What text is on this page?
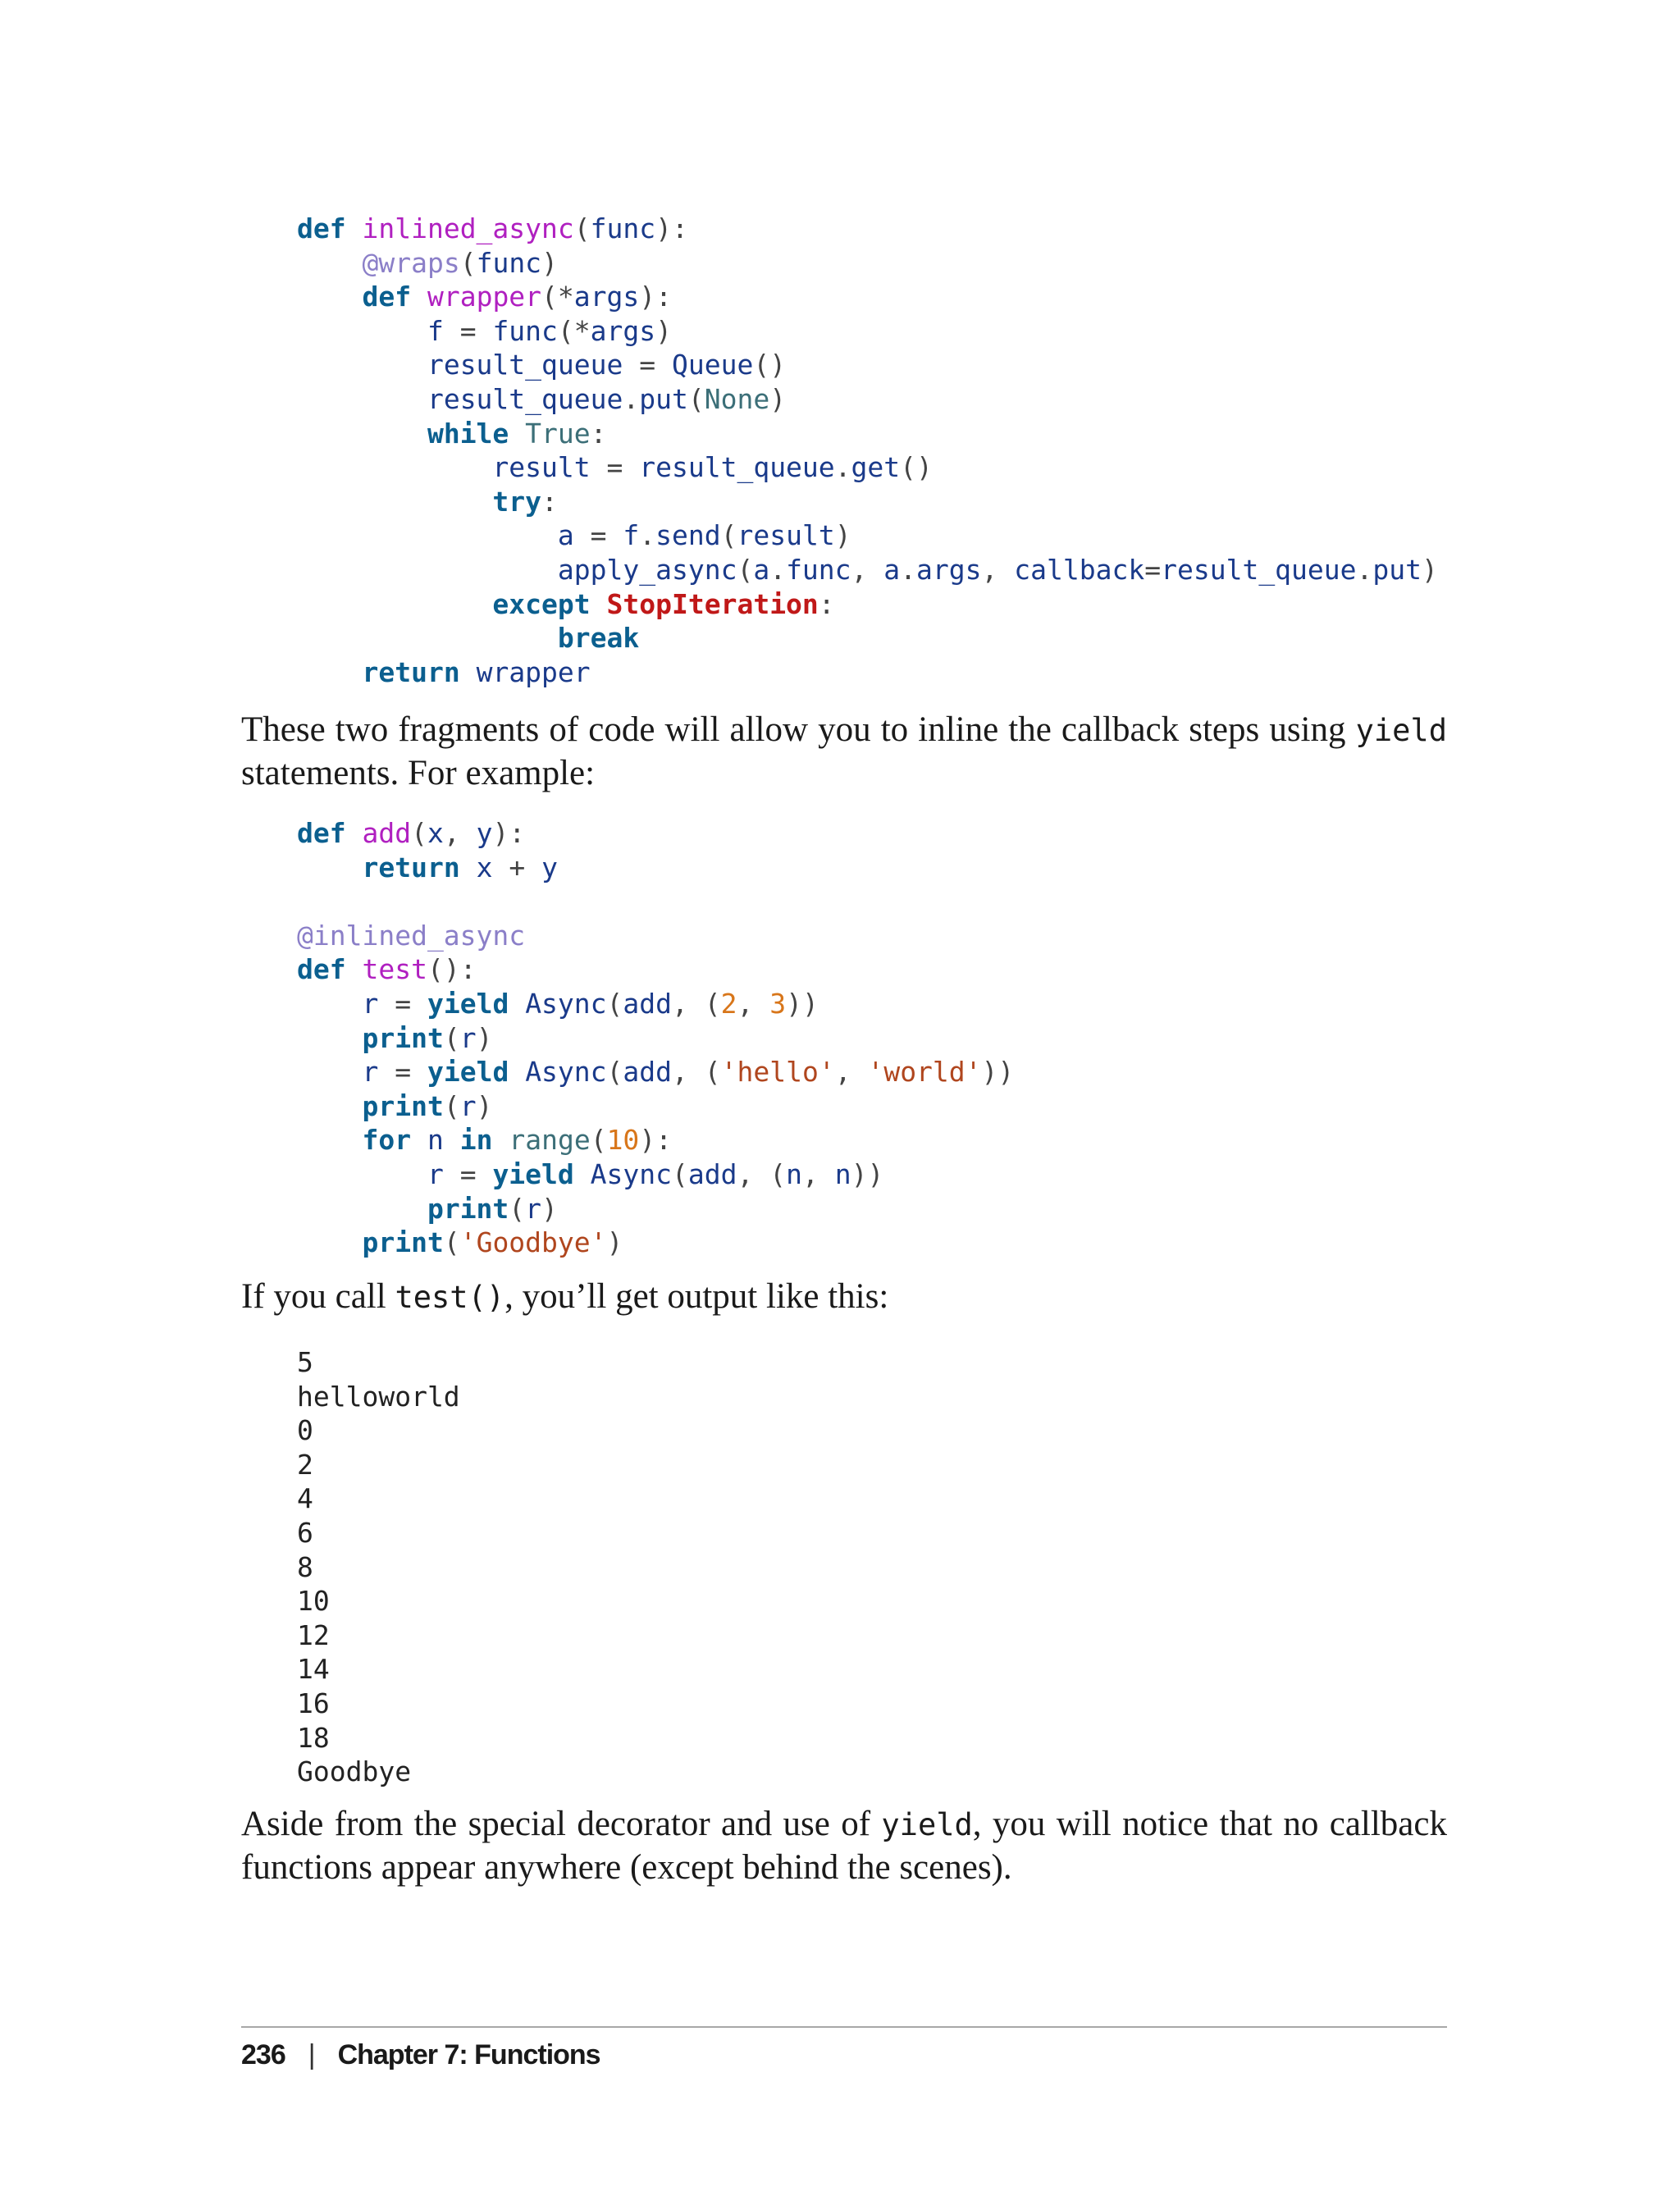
def inlined_async(func):
@wraps(func)
def wrapper(*args):
f = func(*args)
result_queue = Queue()
result_queue.put(None)
while True:
result = result_queue.get()
try:
a = f.send(result)
apply_async(a.func, a.args, callback=result_queue.put)
except StopIteration:
break
return wrapper

These two fragments of code will allow you to inline the callback steps using yield statements. For example:

def add(x, y):
return x + y
@inlined_async
def test():
r = yield Async(add, (2, 3))
print(r)
r = yield Async(add, ('hello', 'world'))
print(r)
for n in range(10):
r = yield Async(add, (n, n))
print(r)
print('Goodbye')

If you call test(), you’ll get output like this:

5
helloworld
0
2
4
6
8
10
12
14
16
18
Goodbye

Aside from the special decorator and use of yield, you will notice that no callback functions appear anywhere (except behind the scenes).

236 | Chapter 7: Functions
